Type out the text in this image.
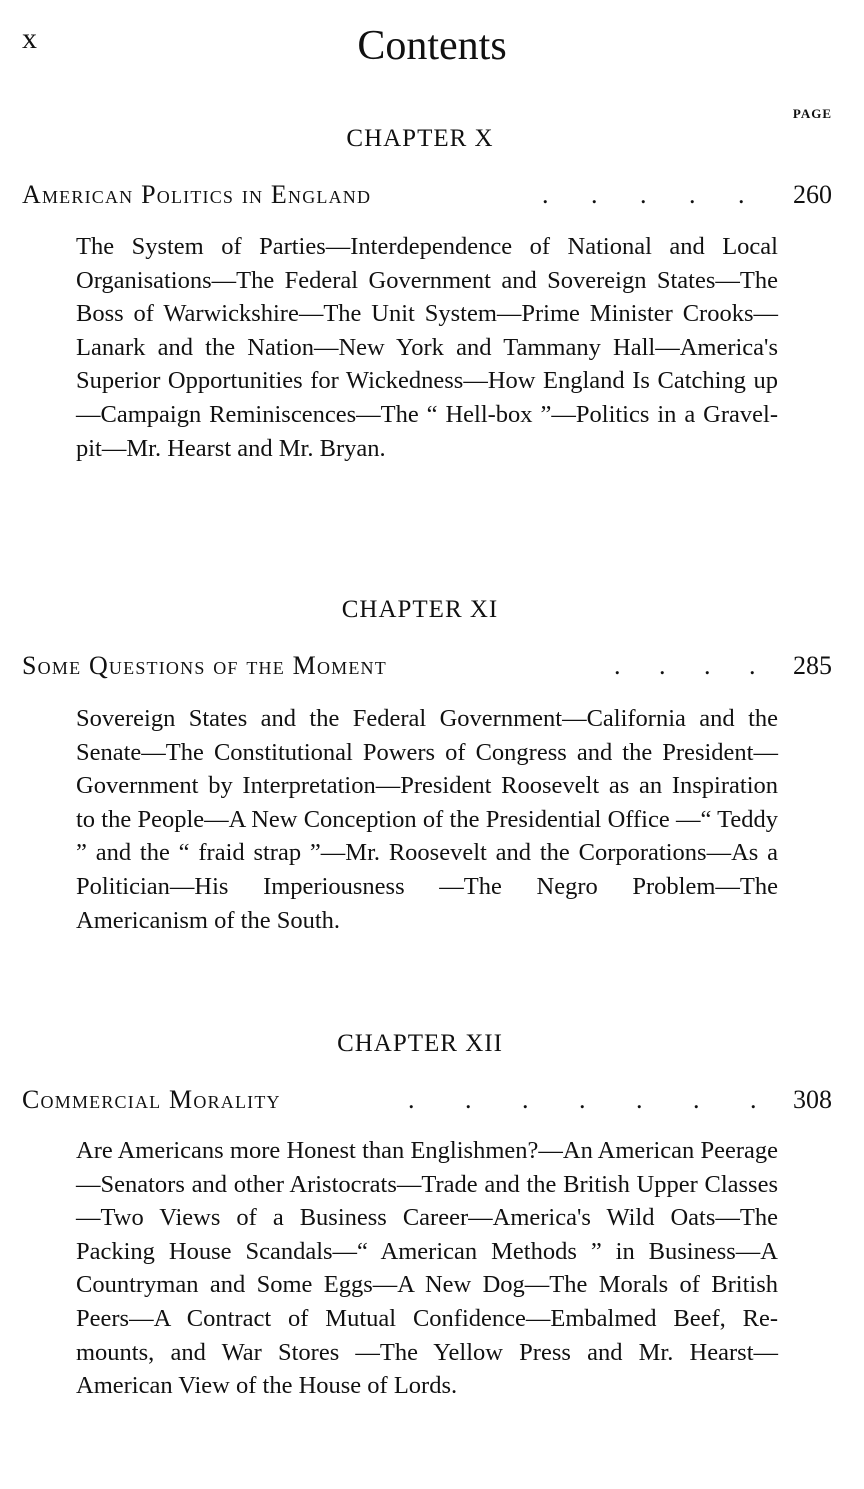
x	Contents
PAGE
CHAPTER X
American Politics in England	. . . . . 260
The System of Parties—Interdependence of National and Local Organisations—The Federal Government and Sovereign States—The Boss of Warwickshire—The Unit System—Prime Minister Crooks—Lanark and the Nation—New York and Tammany Hall—America's Superior Opportunities for Wickedness—How England Is Catching up—Campaign Reminiscences—The “ Hell-box ”—Politics in a Gravel-pit—Mr. Hearst and Mr. Bryan.
CHAPTER XI
Some Questions of the Moment	. . . . 285
Sovereign States and the Federal Government—California and the Senate—The Constitutional Powers of Congress and the President—Government by Interpretation—President Roosevelt as an Inspiration to the People—A New Conception of the Presidential Office —“ Teddy ” and the “ fraid strap ”—Mr. Roosevelt and the Corporations—As a Politician—His Imperiousness —The Negro Problem—The Americanism of the South.
CHAPTER XII
Commercial Morality	. . . . . . . 308
Are Americans more Honest than Englishmen?—An American Peerage—Senators and other Aristocrats—Trade and the British Upper Classes—Two Views of a Business Career—America's Wild Oats—The Packing House Scandals—“ American Methods ” in Business—A Countryman and Some Eggs—A New Dog—The Morals of British Peers—A Contract of Mutual Confidence—Embalmed Beef, Re-mounts, and War Stores —The Yellow Press and Mr. Hearst—American View of the House of Lords.
